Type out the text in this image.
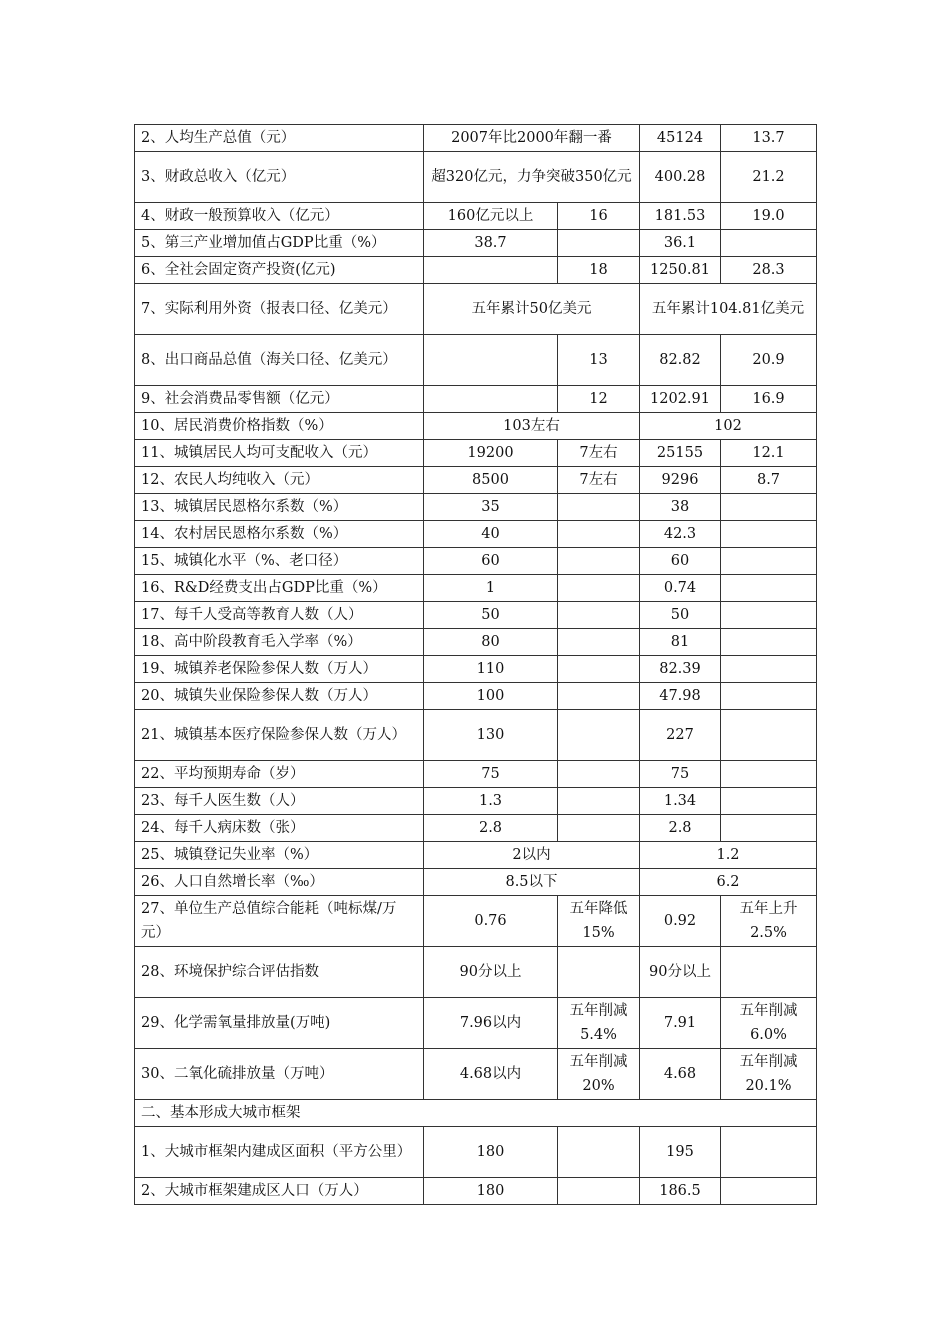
2、人均生产总值（元）	2007年比2000年翻一番		45124	13.7
3、财政总收入（亿元）	超320亿元，力争突破350亿元		400.28	21.2
4、财政一般预算收入（亿元）	160亿元以上	16	181.53	19.0
5、第三产业增加值占GDP比重（%）	38.7		36.1	
6、全社会固定资产投资(亿元)		18	1250.81	28.3
7、实际利用外资（报表口径、亿美元）	五年累计50亿美元		五年累计104.81亿美元	
8、出口商品总值（海关口径、亿美元）		13	82.82	20.9
9、社会消费品零售额（亿元）		12	1202.91	16.9
10、居民消费价格指数（%）	103左右		102	
11、城镇居民人均可支配收入（元）	19200	7左右	25155	12.1
12、农民人均纯收入（元）	8500	7左右	9296	8.7
13、城镇居民恩格尔系数（%）	35		38	
14、农村居民恩格尔系数（%）	40		42.3	
15、城镇化水平（%、老口径）	60		60	
16、R&D经费支出占GDP比重（%）	1		0.74	
17、每千人受高等教育人数（人）	50		50	
18、高中阶段教育毛入学率（%）	80		81	
19、城镇养老保险参保人数（万人）	110		82.39	
20、城镇失业保险参保人数（万人）	100		47.98	
21、城镇基本医疗保险参保人数（万人）	130		227	
22、平均预期寿命（岁）	75		75	
23、每千人医生数（人）	1.3		1.34	
24、每千人病床数（张）	2.8		2.8	
25、城镇登记失业率（%）	2以内		1.2	
26、人口自然增长率（‰）	8.5以下		6.2	
27、单位生产总值综合能耗（吨标煤/万元）	0.76	五年降低15%	0.92	五年上升2.5%
28、环境保护综合评估指数	90分以上		90分以上	
29、化学需氧量排放量(万吨)	7.96以内	五年削减5.4%	7.91	五年削减6.0%
30、二氧化硫排放量（万吨）	4.68以内	五年削减20%	4.68	五年削减20.1%
二、基本形成大城市框架				
1、大城市框架内建成区面积（平方公里）	180		195	
2、大城市框架建成区人口（万人）	180		186.5	
